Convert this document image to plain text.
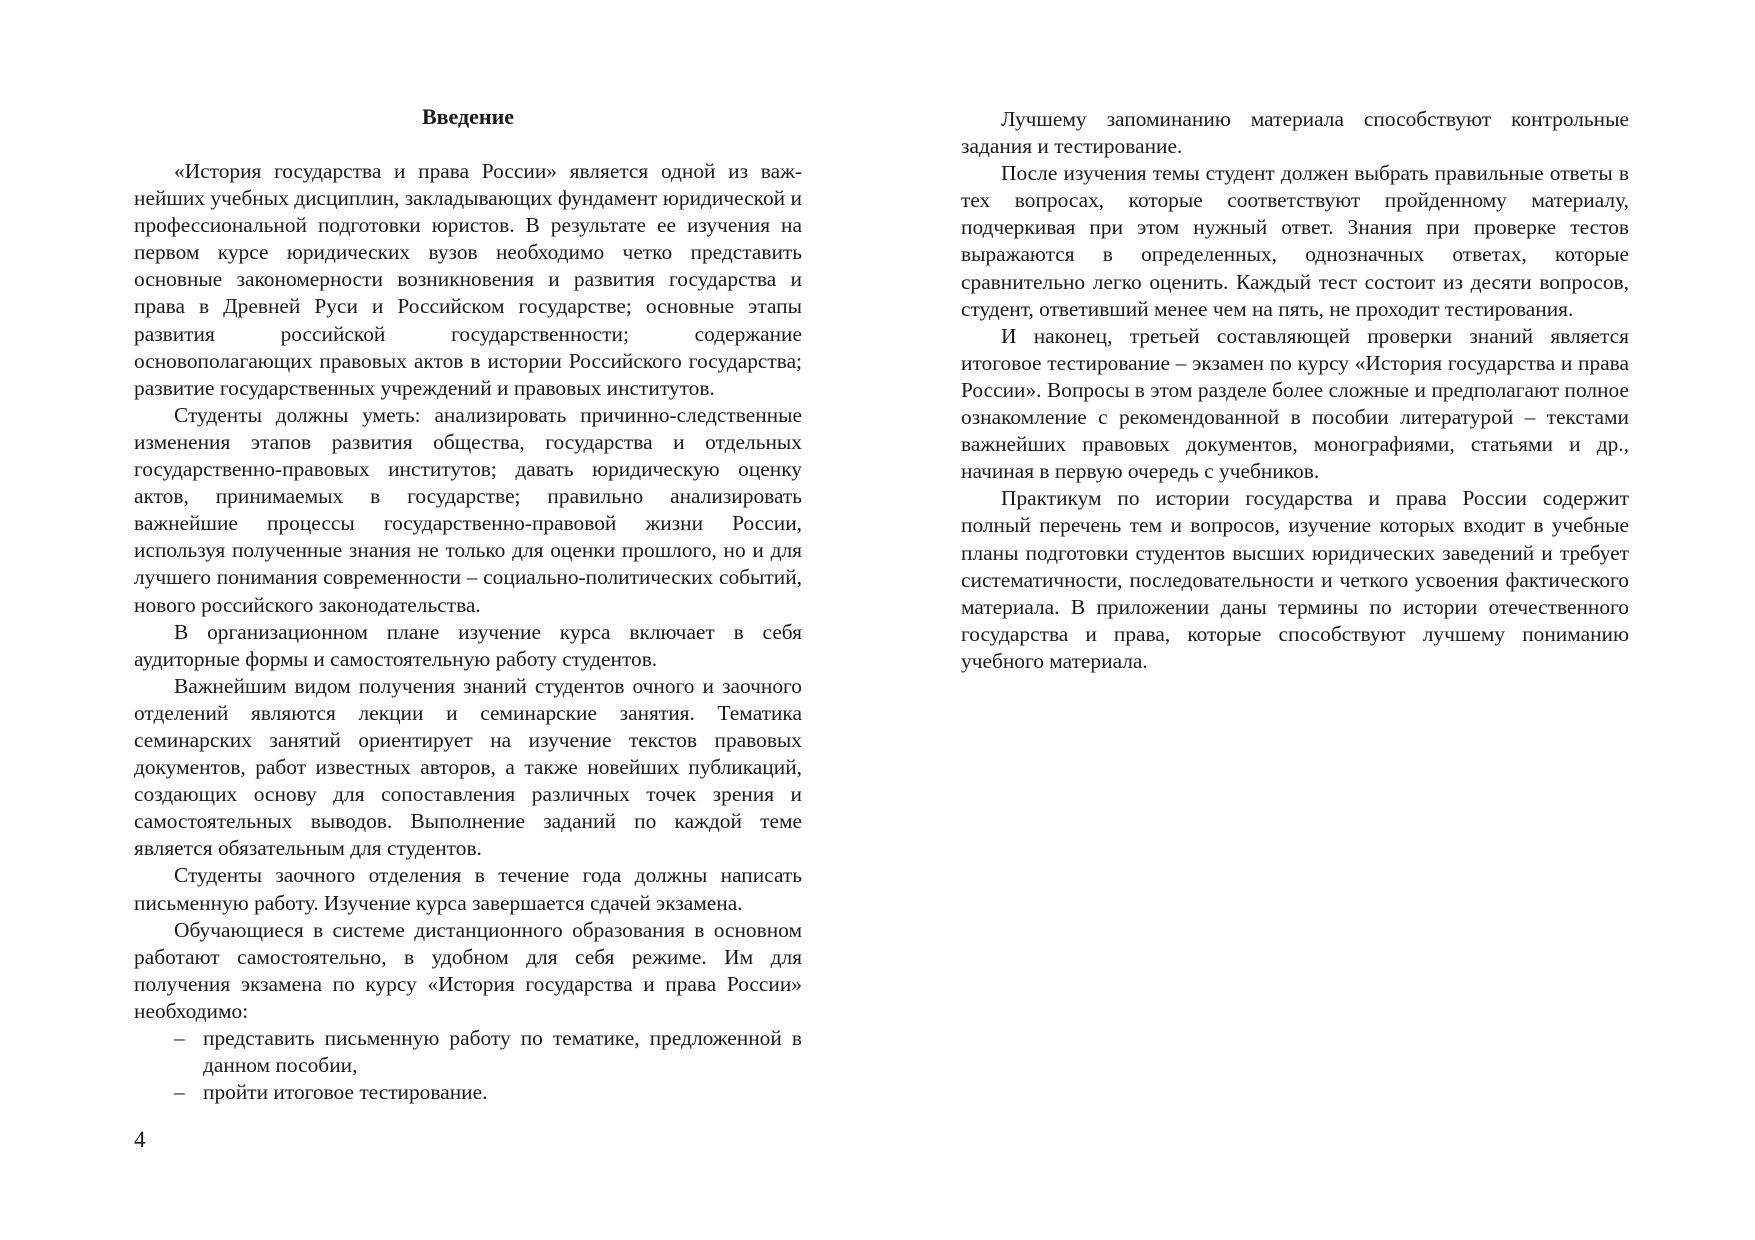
Введение

«История государства и права России» является одной из важнейших учебных дисциплин, закладывающих фундамент юридической и профессиональной подготовки юристов. В результате ее изучения на первом курсе юридических вузов необходимо четко представить основные закономерности возникновения и развития государства и права в Древней Руси и Российском государстве; основные этапы развития российской государственности; содержание основополагающих правовых актов в истории Российского государства; развитие государственных учреждений и правовых институтов.

Студенты должны уметь: анализировать причинно-следственные изменения этапов развития общества, государства и отдельных государственно-правовых институтов; давать юридическую оценку актов, принимаемых в государстве; правильно анализировать важнейшие процессы государственно-правовой жизни России, используя полученные знания не только для оценки прошлого, но и для лучшего понимания современности – социально-политических событий, нового российского законодательства.

В организационном плане изучение курса включает в себя аудиторные формы и самостоятельную работу студентов.

Важнейшим видом получения знаний студентов очного и заочного отделений являются лекции и семинарские занятия. Тематика семинарских занятий ориентирует на изучение текстов правовых документов, работ известных авторов, а также новейших публикаций, создающих основу для сопоставления различных точек зрения и самостоятельных выводов. Выполнение заданий по каждой теме является обязательным для студентов.

Студенты заочного отделения в течение года должны написать письменную работу. Изучение курса завершается сдачей экзамена.

Обучающиеся в системе дистанционного образования в основном работают самостоятельно, в удобном для себя режиме. Им для получения экзамена по курсу «История государства и права России» необходимо:

– представить письменную работу по тематике, предложенной в данном пособии,
– пройти итоговое тестирование.
4

Лучшему запоминанию материала способствуют контрольные задания и тестирование.

После изучения темы студент должен выбрать правильные ответы в тех вопросах, которые соответствуют пройденному материалу, подчеркивая при этом нужный ответ. Знания при проверке тестов выражаются в определенных, однозначных ответах, которые сравнительно легко оценить. Каждый тест состоит из десяти вопросов, студент, ответивший менее чем на пять, не проходит тестирования.

И наконец, третьей составляющей проверки знаний является итоговое тестирование – экзамен по курсу «История государства и права России». Вопросы в этом разделе более сложные и предполагают полное ознакомление с рекомендованной в пособии литературой – текстами важнейших правовых документов, монографиями, статьями и др., начиная в первую очередь с учебников.

Практикум по истории государства и права России содержит полный перечень тем и вопросов, изучение которых входит в учебные планы подготовки студентов высших юридических заведений и требует систематичности, последовательности и четкого усвоения фактического материала. В приложении даны термины по истории отечественного государства и права, которые способствуют лучшему пониманию учебного материала.
